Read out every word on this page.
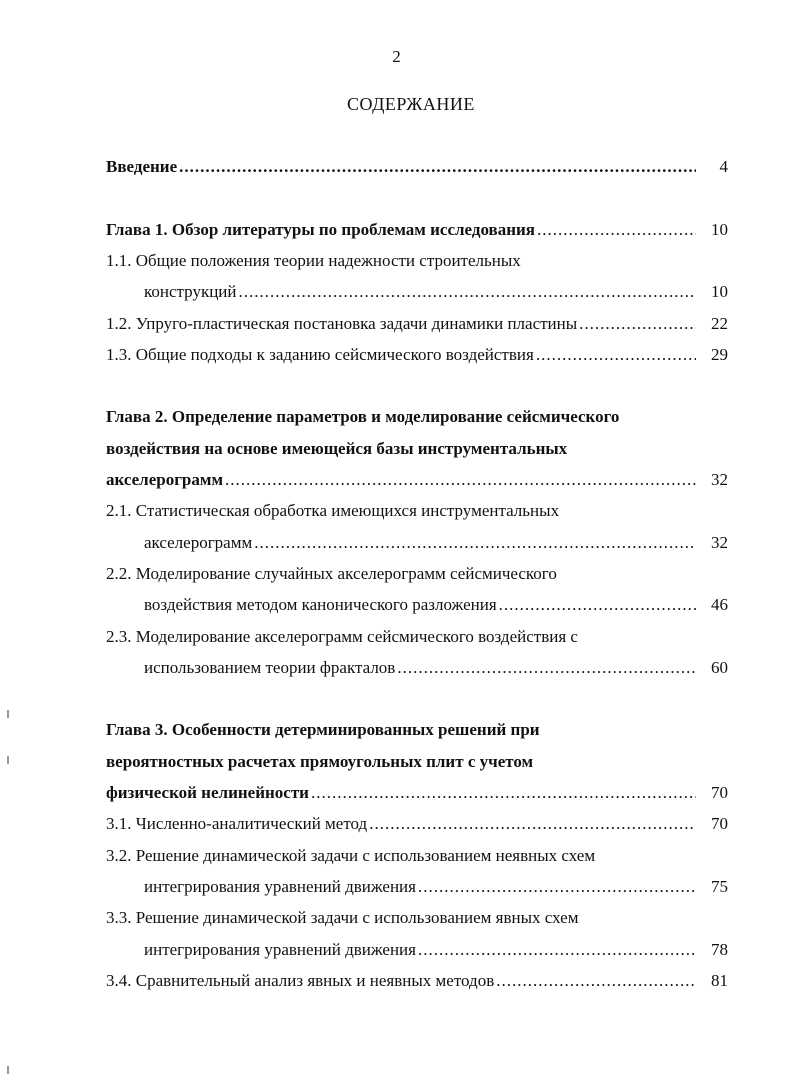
2
СОДЕРЖАНИЕ
Введение .....	4
Глава 1. Обзор литературы по проблемам исследования .....	10
1.1. Общие положения теории надежности строительных
конструкций .....	10
1.2. Упруго-пластическая постановка задачи динамики пластины .....	22
1.3. Общие подходы к заданию сейсмического воздействия .....	29
Глава 2. Определение параметров и моделирование сейсмического
воздействия на основе имеющейся базы инструментальных
акселерограмм .....	32
2.1. Статистическая обработка имеющихся инструментальных
акселерограмм .....	32
2.2. Моделирование случайных акселерограмм сейсмического
воздействия методом канонического разложения .....	46
2.3. Моделирование акселерограмм сейсмического воздействия с
использованием теории фракталов .....	60
Глава 3. Особенности детерминированных решений при
вероятностных расчетах прямоугольных плит с учетом
физической нелинейности .....	70
3.1. Численно-аналитический метод .....	70
3.2. Решение динамической задачи с использованием неявных схем
интегрирования уравнений движения .....	75
3.3. Решение динамической задачи с использованием явных схем
интегрирования уравнений движения .....	78
3.4. Сравнительный анализ явных и неявных методов .....	81
